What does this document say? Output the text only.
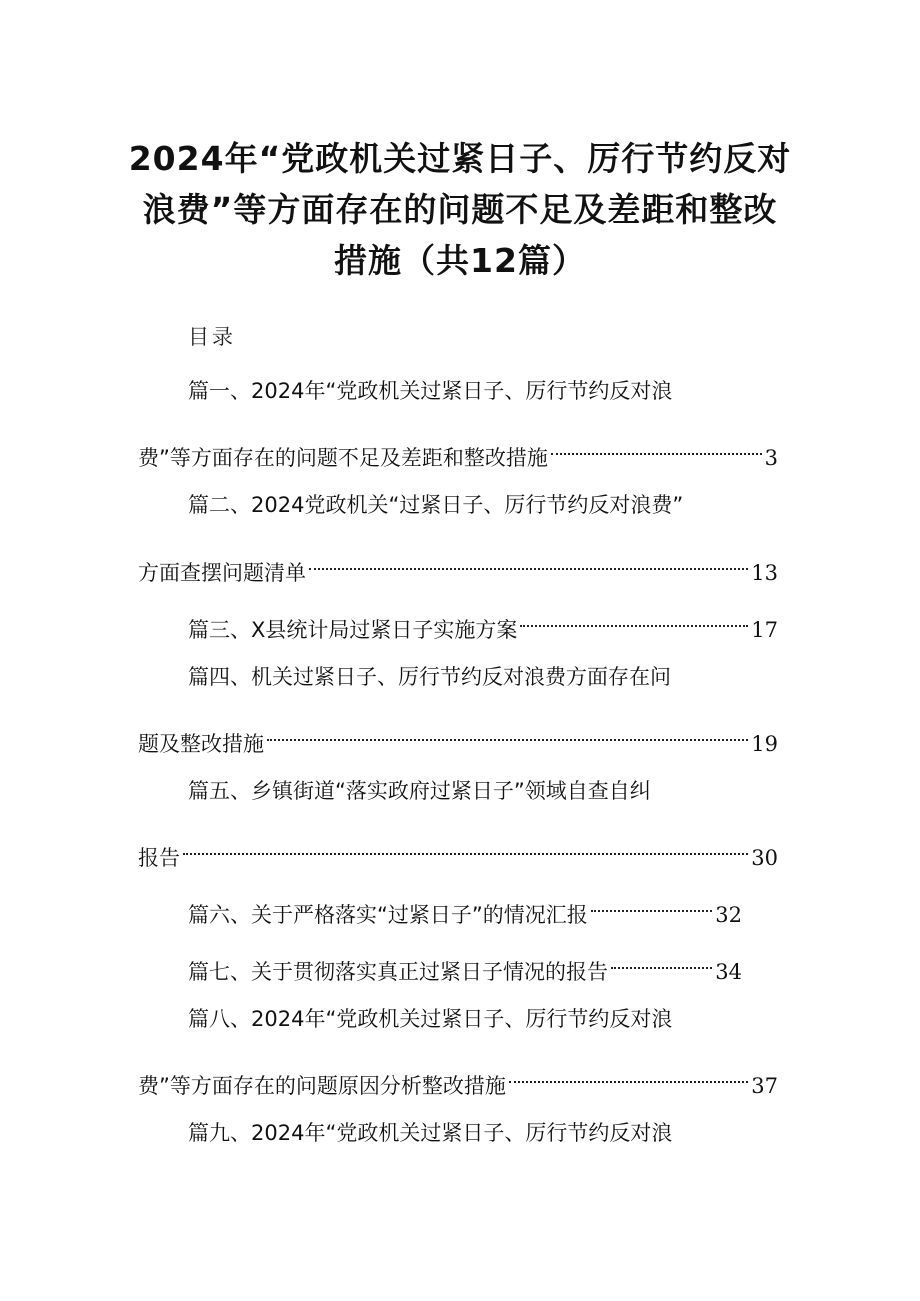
2024年“党政机关过紧日子、厉行节约反对
浪费”等方面存在的问题不足及差距和整改
措施（共12篇）
目录
篇一、2024年“党政机关过紧日子、厉行节约反对浪
费”等方面存在的问题不足及差距和整改措施	3
篇二、2024党政机关“过紧日子、厉行节约反对浪费”
方面查摆问题清单	13
篇三、X县统计局过紧日子实施方案	17
篇四、机关过紧日子、厉行节约反对浪费方面存在问
题及整改措施	19
篇五、乡镇街道“落实政府过紧日子”领域自查自纠
报告	30
篇六、关于严格落实“过紧日子”的情况汇报	32
篇七、关于贯彻落实真正过紧日子情况的报告	34
篇八、2024年“党政机关过紧日子、厉行节约反对浪
费”等方面存在的问题原因分析整改措施	37
篇九、2024年“党政机关过紧日子、厉行节约反对浪
